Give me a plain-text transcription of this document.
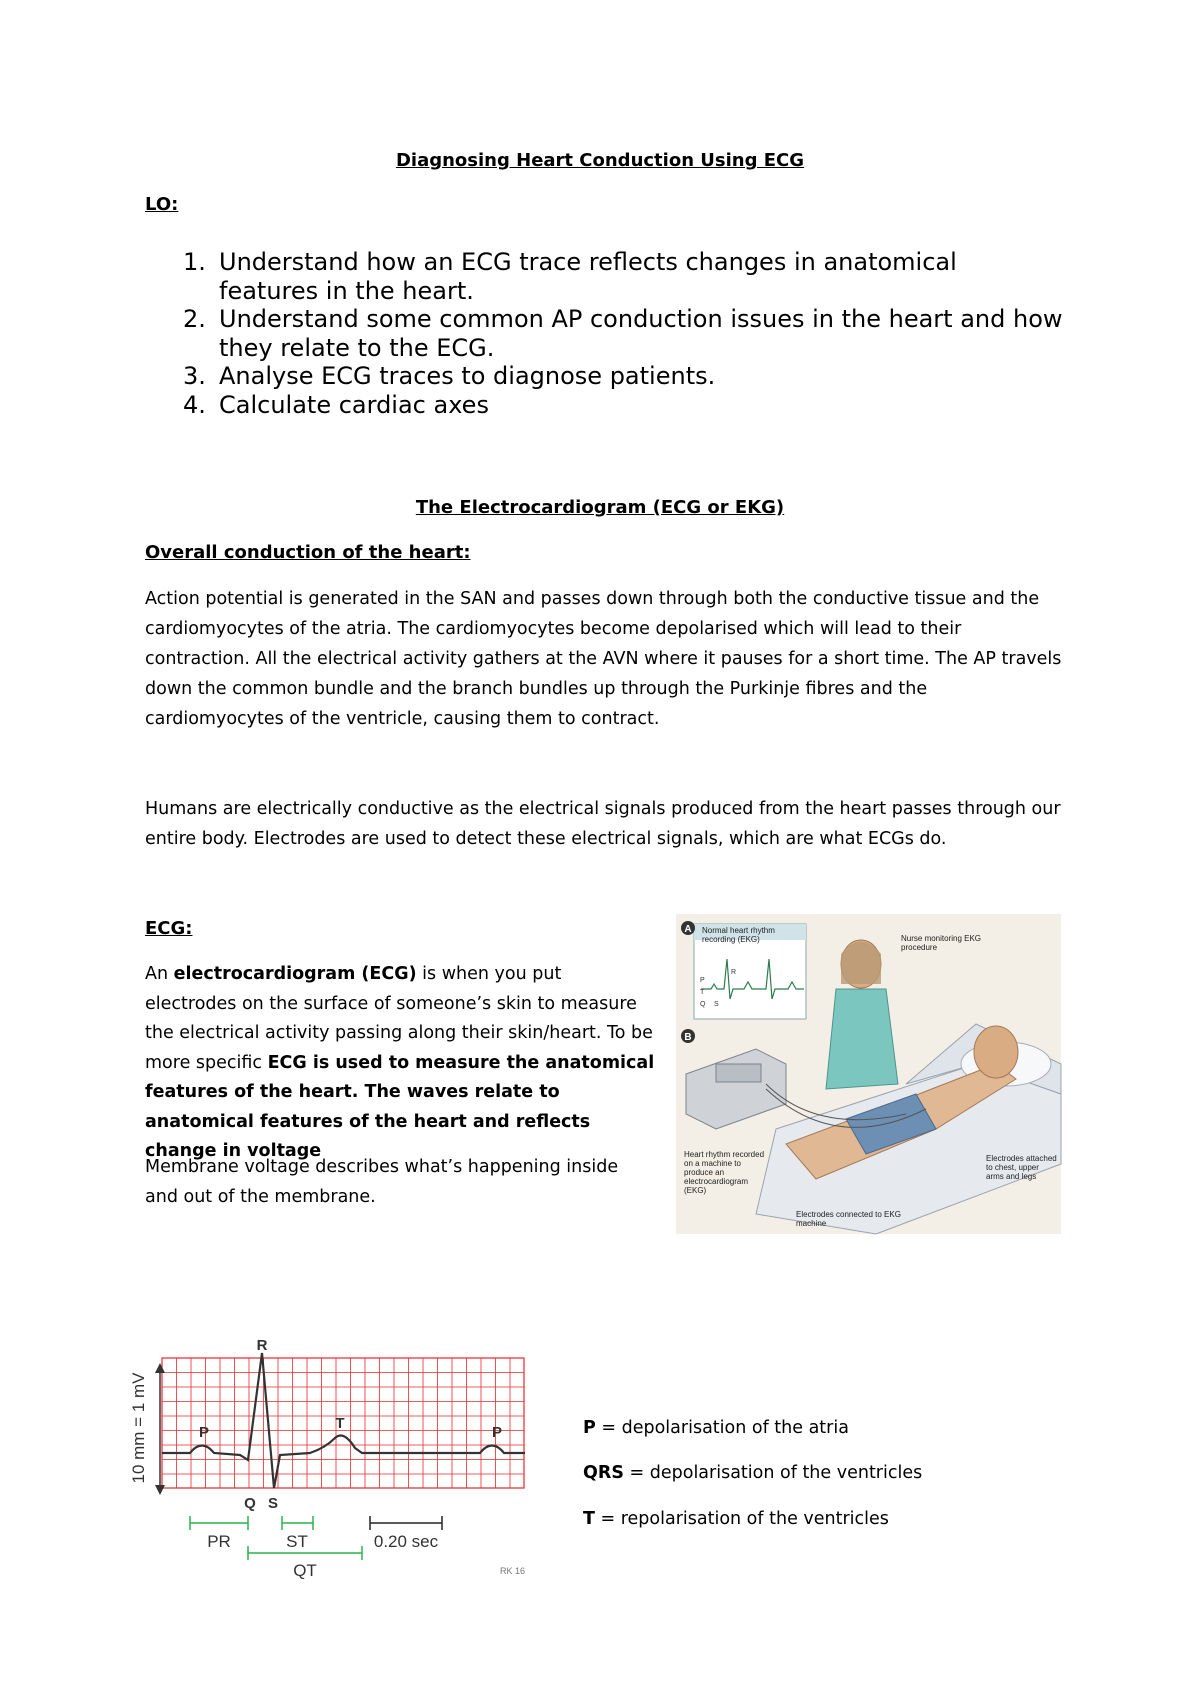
Diagnosing Heart Conduction Using ECG
LO:
1. Understand how an ECG trace reflects changes in anatomical features in the heart.
2. Understand some common AP conduction issues in the heart and how they relate to the ECG.
3. Analyse ECG traces to diagnose patients.
4. Calculate cardiac axes
The Electrocardiogram (ECG or EKG)
Overall conduction of the heart:
Action potential is generated in the SAN and passes down through both the conductive tissue and the cardiomyocytes of the atria. The cardiomyocytes become depolarised which will lead to their contraction. All the electrical activity gathers at the AVN where it pauses for a short time. The AP travels down the common bundle and the branch bundles up through the Purkinje fibres and the cardiomyocytes of the ventricle, causing them to contract.
Humans are electrically conductive as the electrical signals produced from the heart passes through our entire body. Electrodes are used to detect these electrical signals, which are what ECGs do.
ECG:
An electrocardiogram (ECG) is when you put electrodes on the surface of someone’s skin to measure the electrical activity passing along their skin/heart. To be more specific ECG is used to measure the anatomical features of the heart. The waves relate to anatomical features of the heart and reflects change in voltage
Membrane voltage describes what’s happening inside and out of the membrane.
A
B
R
P
T
Q S
Normal heart rhythm recording (EKG)	Nurse monitoring EKG procedure
Heart rhythm recorded on a machine to produce an electrocardiogram (EKG)
Electrodes attached to chest, upper arms and legs
Electrodes connected to EKG machine
10 mm = 1 mV
R
P
T
P
Q S
PR	ST
QT
0.20 sec
RK 16
P = depolarisation of the atria
QRS = depolarisation of the ventricles
T = repolarisation of the ventricles
